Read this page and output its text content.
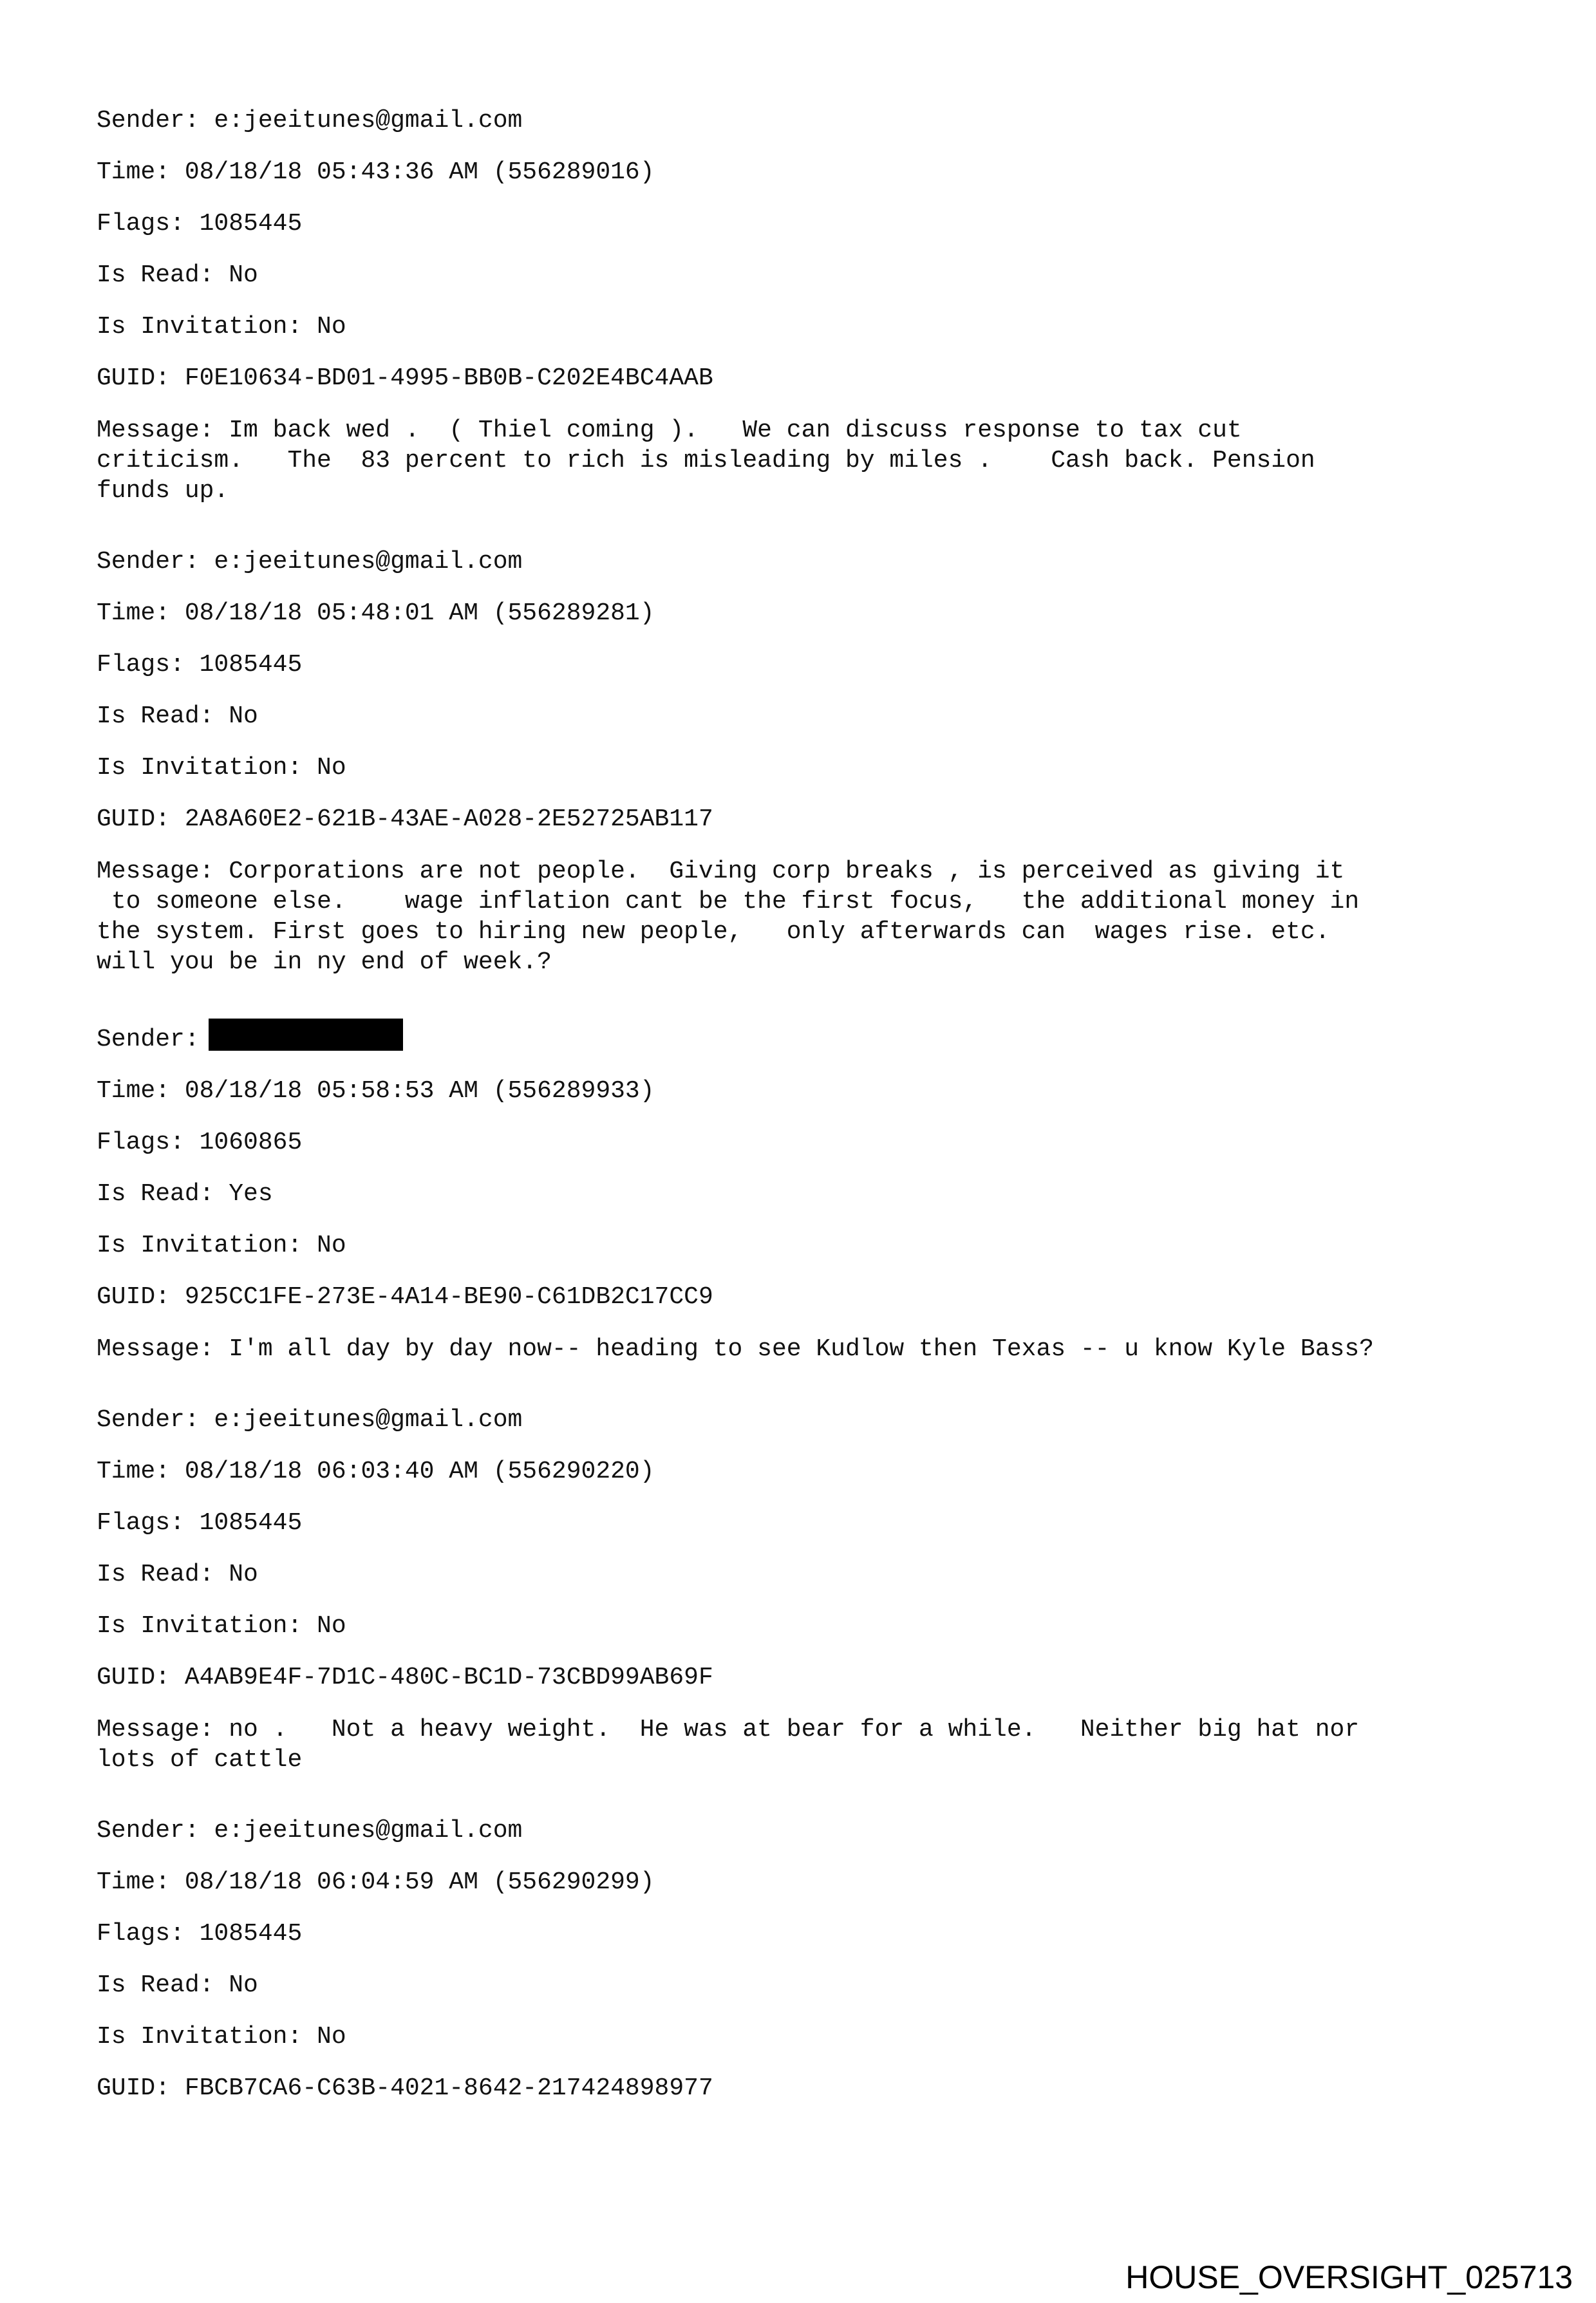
Sender: e:jeeitunes@gmail.com
Time: 08/18/18 05:43:36 AM (556289016)
Flags: 1085445
Is Read: No
Is Invitation: No
GUID: F0E10634-BD01-4995-BB0B-C202E4BC4AAB
Message: Im back wed .  ( Thiel coming ).   We can discuss response to tax cut
criticism.   The  83 percent to rich is misleading by miles .    Cash back. Pension
funds up.
Sender: e:jeeitunes@gmail.com
Time: 08/18/18 05:48:01 AM (556289281)
Flags: 1085445
Is Read: No
Is Invitation: No
GUID: 2A8A60E2-621B-43AE-A028-2E52725AB117
Message: Corporations are not people.  Giving corp breaks , is perceived as giving it
to someone else.    wage inflation cant be the first focus,   the additional money in
the system. First goes to hiring new people,   only afterwards can  wages rise. etc.
will you be in ny end of week.?
Sender:
Time: 08/18/18 05:58:53 AM (556289933)
Flags: 1060865
Is Read: Yes
Is Invitation: No
GUID: 925CC1FE-273E-4A14-BE90-C61DB2C17CC9
Message: I'm all day by day now-- heading to see Kudlow then Texas -- u know Kyle Bass?
Sender: e:jeeitunes@gmail.com
Time: 08/18/18 06:03:40 AM (556290220)
Flags: 1085445
Is Read: No
Is Invitation: No
GUID: A4AB9E4F-7D1C-480C-BC1D-73CBD99AB69F
Message: no .   Not a heavy weight.  He was at bear for a while.   Neither big hat nor
lots of cattle
Sender: e:jeeitunes@gmail.com
Time: 08/18/18 06:04:59 AM (556290299)
Flags: 1085445
Is Read: No
Is Invitation: No
GUID: FBCB7CA6-C63B-4021-8642-217424898977
HOUSE_OVERSIGHT_025713
